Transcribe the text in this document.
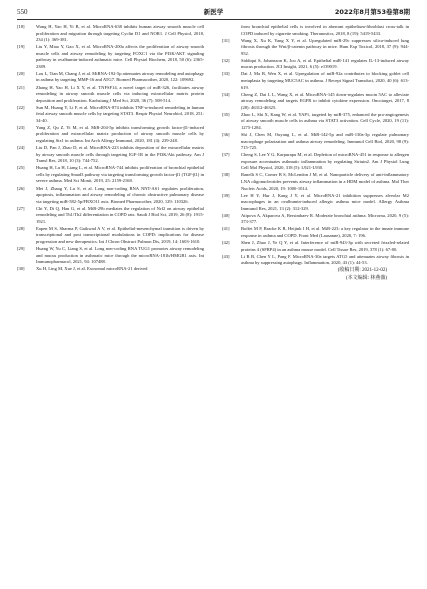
550	新医学	2022年8月第53卷第8期
[18]	Wang H, Yao H, Yi B, et al. MicroRNA-638 inhibits human airway smooth muscle cell proliferation and migration through targeting Cyclin D1 and NOR1. J Cell Physiol, 2018, 234 (1): 369-381.
[19]	Liu Y, Miao Y, Gao X, et al. MicroRNA-200a affects the proliferation of airway smooth muscle cells and airway remodeling by targeting FOXC1 via the PI3K/AKT signaling pathway in ovalbumin-induced asthmatic mice. Cell Physiol Biochem, 2018, 50 (6): 2365-2389.
[20]	Lou L, Tian M, Chang J, et al. MiRNA-192-5p attenuates airway remodeling and autophagy in asthma by targeting MMP-16 and ATG7. Biomed Pharmacother, 2020, 122: 109692.
[21]	Zhang H, Yao H, Li X Y, et al. TNFSF14, a novel target of miR-326, facilitates airway remodeling in airway smooth muscle cells via inducing extracellular matrix protein deposition and proliferation. Kaohsiung J Med Sci, 2020, 36 (7): 508-514.
[22]	Sun M, Huang Y, Li F, et al. MicroRNA-874 inhibits TNF-α-induced remodeling in human fetal airway smooth muscle cells by targeting STAT3. Respir Physiol Neurobiol, 2018, 251: 34-40.
[23]	Yang Z, Qu Z, Yi M, et al. MiR-204-5p inhibits transforming growth factor-β1-induced proliferation and extracellular matrix production of airway smooth muscle cells by regulating Six1 in asthma. Int Arch Allergy Immunol, 2020, 181 (4): 239-248.
[24]	Liu D, Pan J, Zhao D, et al. MicroRNA-223 inhibits deposition of the extracellular matrix by airway smooth muscle cells through targeting IGF-1R in the PI3K/Akt pathway. Am J Transl Res, 2018, 10 (3): 744-752.
[25]	Huang H, Lu H, Liang L, et al. MicroRNA-744 inhibits proliferation of bronchial epithelial cells by regulating Smad3 pathway via targeting transforming growth factor-β1 (TGF-β1) in severe asthma. Med Sci Monit, 2019, 25: 2159-2168.
[26]	Mei J, Zhang Y, Lu S, et al. Long non-coding RNA NNT-AS1 regulates proliferation, apoptosis, inflammation and airway remodeling of chronic obstructive pulmonary disease via targeting miR-582-5p/FBXO11 axis. Biomed Pharmacother, 2020, 129: 110326.
[27]	Chi Y, Di Q, Han G, et al. MiR-29b mediates the regulation of Nrf2 on airway epithelial remodeling and Th1/Th2 differentiation in COPD rats. Saudi J Biol Sci, 2019, 26 (8): 1915-1921.
[28]	Eapen M S, Sharma P, Gaikwad A V, et al. Epithelial-mesenchymal transition is driven by transcriptional and post transcriptional modulations in COPD: implications for disease progression and new therapeutics. Int J Chron Obstruct Pulmon Dis, 2019, 14: 1603-1610.
[29]	Huang W, Yu C, Liang S, et al. Long non-coding RNA TUG1 promotes airway remodeling and mucus production in asthmatic mice through the microRNA-181b/HMGB1 axis. Int Immunopharmacol, 2021, 94: 107488.
[30]	Xu H, Ling M, Xue J, et al. Exosomal microRNA-21 derived
from bronchial epithelial cells is involved in aberrant epithelium-fibroblast cross-talk in COPD induced by cigarette smoking. Theranostics, 2018, 8 (19): 5419-5433.
[31]	Wang X, Xu K, Yang X Y, et al. Upregulated miR-29c suppresses silica-induced lung fibrosis through the Wnt/β-catenin pathway in mice. Hum Exp Toxicol, 2018, 37 (9): 944-952.
[32]	Siddiqui S, Johansson K, Joo A, et al. Epithelial miR-141 regulates IL-13-induced airway mucus production. JCI Insight, 2021, 6 (5): e139019.
[33]	Dai J, Ma B, Wen X, et al. Upregulation of miR-92a contributes to blocking goblet cell metaplasia by targeting MUC5AC in asthma. J Recept Signal Transduct, 2020, 40 (6): 613-619.
[34]	Cheng Z, Dai L L, Wang X, et al. MicroRNA-145 down-regulates mucin 5AC to alleviate airway remodeling and targets EGFR to inhibit cytokine expression. Oncotarget, 2017, 8 (28): 46312-46325.
[35]	Zhao L, Shi X, Kang W, et al. YAP1, targeted by miR-375, enhanced the pro-angiogenesis of airway smooth muscle cells in asthma via STAT3 activation. Cell Cycle, 2020, 19 (11): 1275-1284.
[36]	Shi J, Chen M, Ouyang L, et al. MiR-142-5p and miR-130a-3p regulate pulmonary macrophage polarization and asthma airway remodeling. Immunol Cell Biol, 2020, 98 (9): 715-725.
[37]	Cheng S, Lee Y G, Karpurapu M, et al. Depletion of microRNA-451 in response to allergen exposure accentuates asthmatic inflammation by regulating Sirtuin2. Am J Physiol Lung Cell Mol Physiol, 2020, 318 (5): L921-L930.
[38]	Ranelli S C, Comer B S, McLendon J M, et al. Nanoparticle delivery of anti-inflammatory LNA oligonucleotides prevents airway inflammation in a HDM model of asthma. Mol Ther Nucleic Acids, 2020, 19: 1000-1014.
[39]	Lee H Y, Hur J, Kang J Y, et al. MicroRNA-21 inhibition suppresses alveolar M2 macrophages in an ovalbumin-induced allergic asthma mice model. Allergy Asthma Immunol Res, 2021, 13 (2): 312-329.
[40]	Atipova A, Akparova A, Bersimbaev R. Moderate bronchial asthma. Microrna, 2020, 9 (5): 373-377.
[41]	Boffet M P, Bracke K R, Heijink I H, et al. MiR-223: a key regulator in the innate immune response in asthma and COPD. Front Med (Lausanne), 2020, 7: 196.
[42]	Shen J, Zhao J, Ye Q Y, et al. Interference of miR-943-3p with secreted frizzled-related proteins 4 (SFRP4) in an asthma mouse model. Cell Tissue Res, 2019, 378 (1): 67-80.
[43]	Li B B, Chen Y L, Pang F. MicroRNA-30a targets ATG5 and attenuates airway fibrosis in asthma by suppressing autophagy. Inflammation, 2020, 43 (1): 44-53.
(收稿日期: 2021-12-02)
(本文编辑: 林燕薇)
